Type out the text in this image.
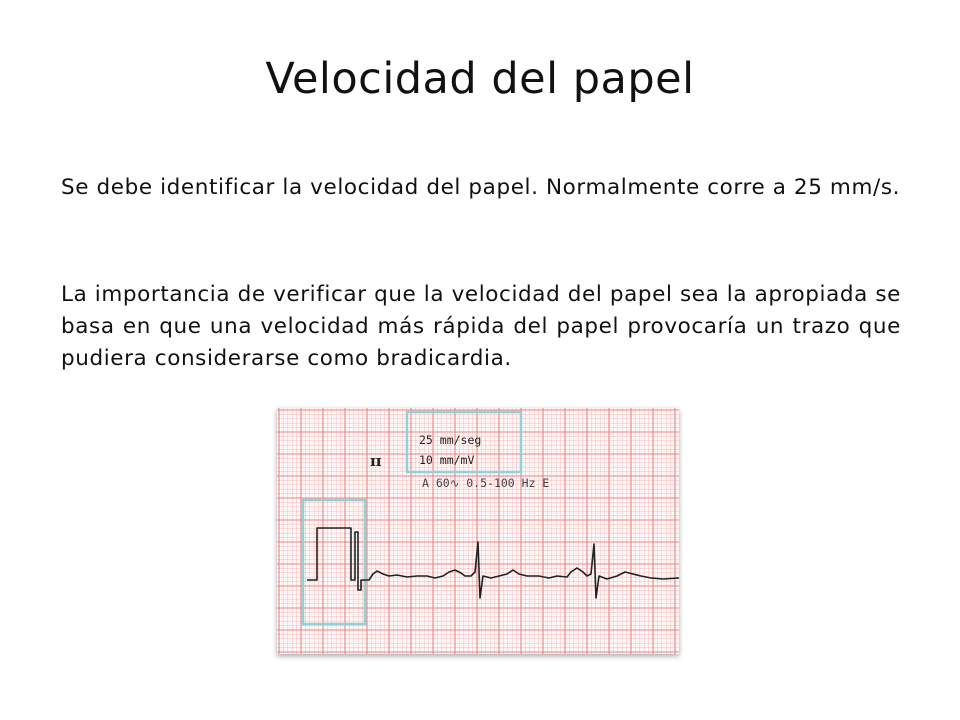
Velocidad del papel

Se debe identificar la velocidad del papel. Normalmente corre a 25 mm/s.

La importancia de verificar que la velocidad del papel sea la apropiada se basa en que una velocidad más rápida del papel provocaría un trazo que pudiera considerarse como bradicardia.

25 mm/seg
10 mm/mV
A 60∿ 0.5-100 Hz E
ɪɪ
